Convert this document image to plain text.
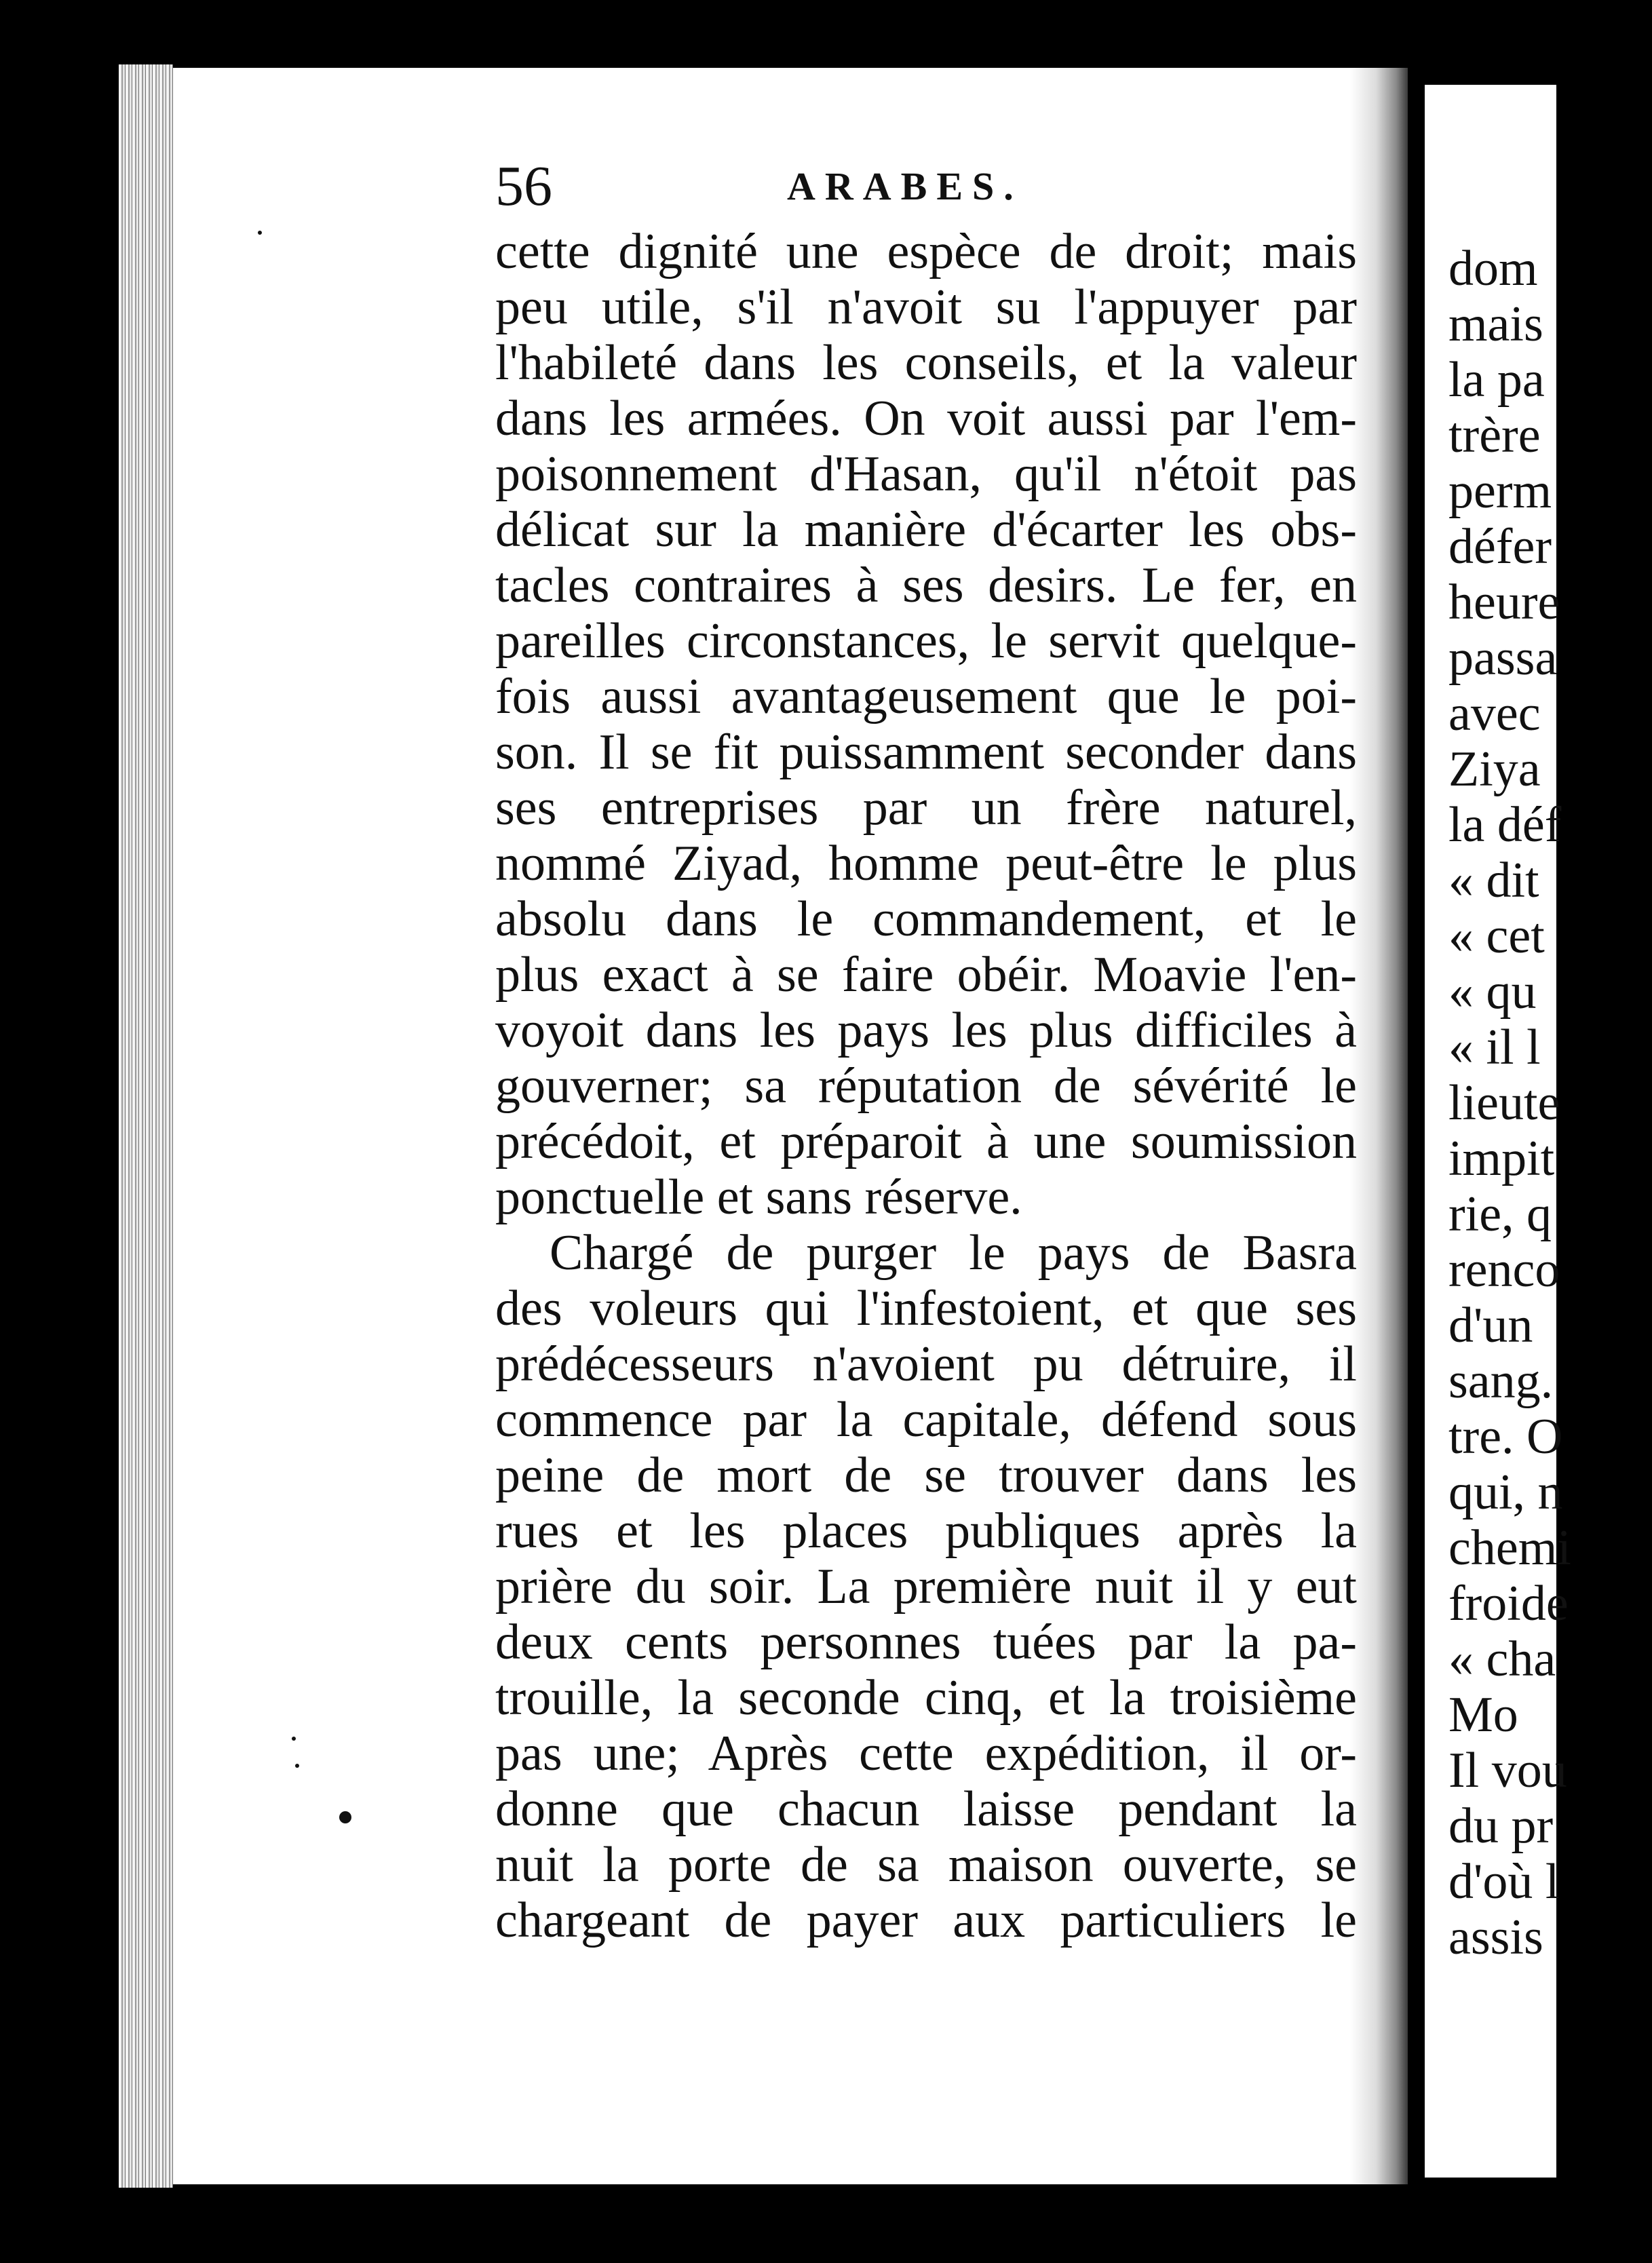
56	ARABES.
cette dignité une espèce de droit; mais
peu utile, s'il n'avoit su l'appuyer par
l'habileté dans les conseils, et la valeur
dans les armées. On voit aussi par l'em-
poisonnement d'Hasan, qu'il n'étoit pas
délicat sur la manière d'écarter les obs-
tacles contraires à ses desirs. Le fer, en
pareilles circonstances, le servit quelque-
fois aussi avantageusement que le poi-
son. Il se fit puissamment seconder dans
ses entreprises par un frère naturel,
nommé Ziyad, homme peut-être le plus
absolu dans le commandement, et le
plus exact à se faire obéir. Moavie l'en-
voyoit dans les pays les plus difficiles à
gouverner; sa réputation de sévérité le
précédoit, et préparoit à une soumission
ponctuelle et sans réserve.
Chargé de purger le pays de Basra
des voleurs qui l'infestoient, et que ses
prédécesseurs n'avoient pu détruire, il
commence par la capitale, défend sous
peine de mort de se trouver dans les
rues et les places publiques après la
prière du soir. La première nuit il y eut
deux cents personnes tuées par la pa-
trouille, la seconde cinq, et la troisième
pas une; Après cette expédition, il or-
donne que chacun laisse pendant la
nuit la porte de sa maison ouverte, se
chargeant de payer aux particuliers le
dom
mais
la pa
trère
perm
défer
heure
passa
avec
Ziya
la déf
« dit
« cet
« qu
« il l
lieute
impit
rie, q
renco
d'un
sang.
tre. O
qui, n
chemi
froide
« cha
Mo
Il vou
du pr
d'où l
assis
